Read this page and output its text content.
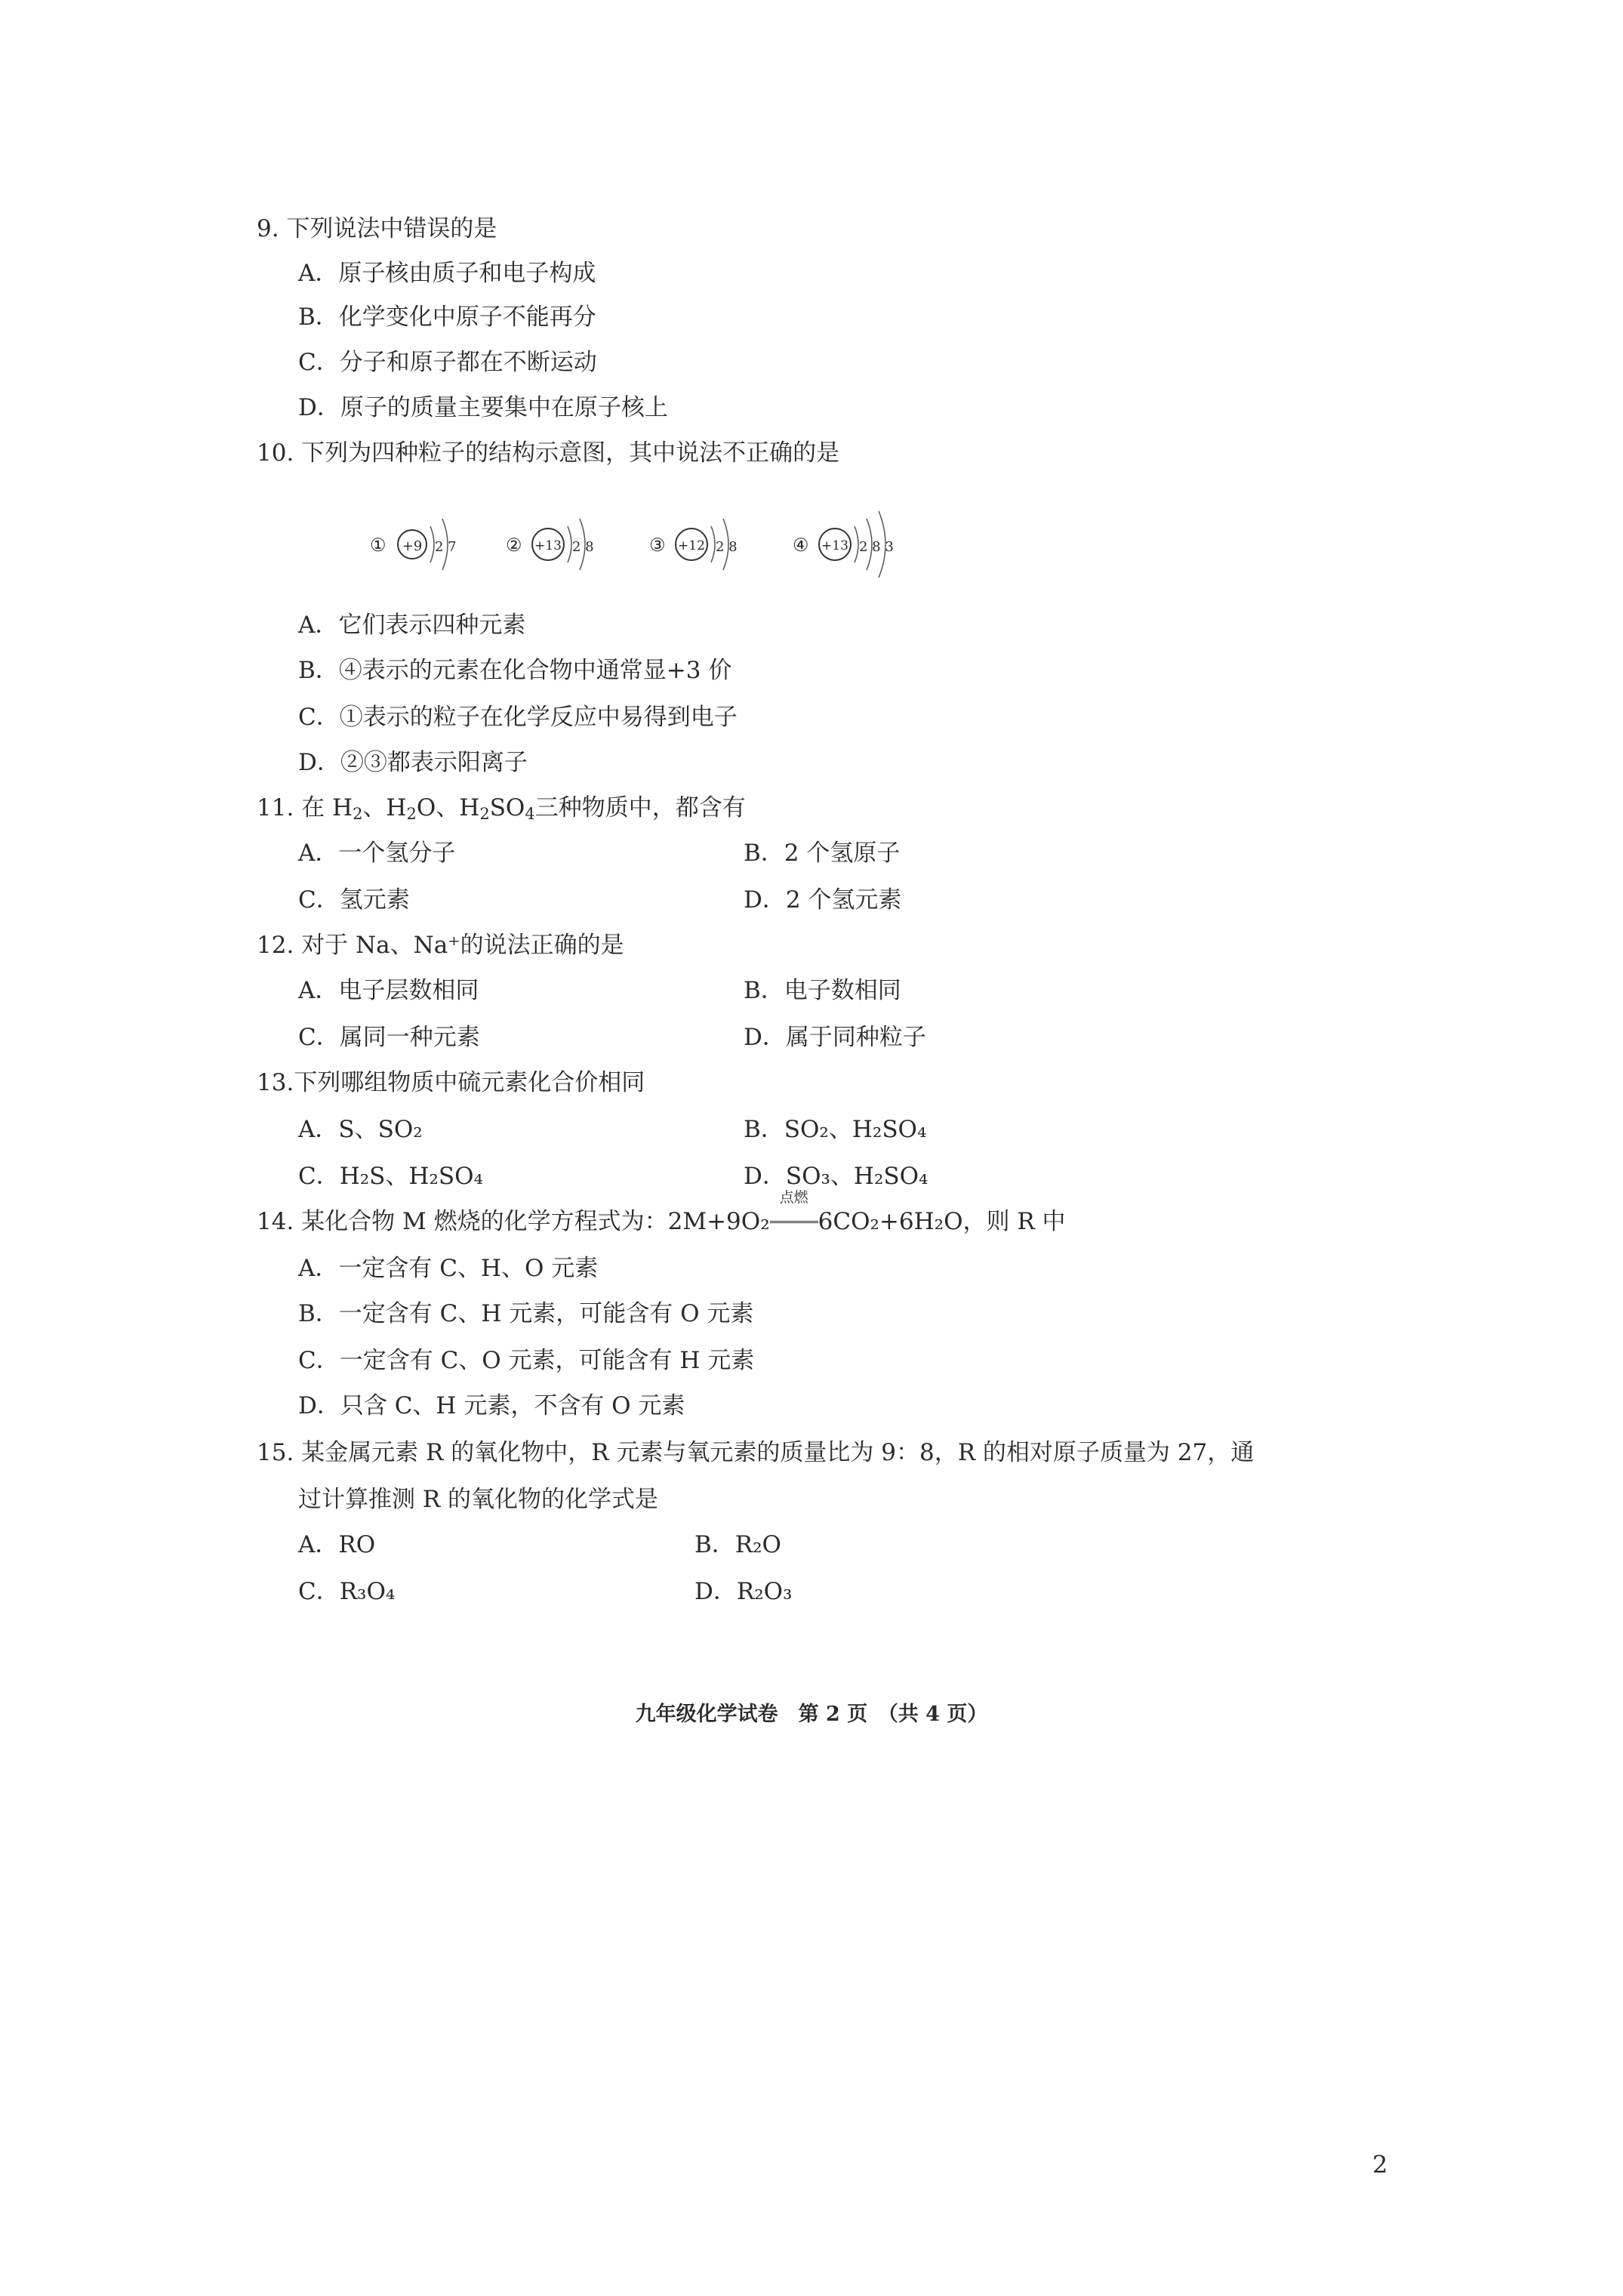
9. 下列说法中错误的是
A．原子核由质子和电子构成
B．化学变化中原子不能再分
C．分子和原子都在不断运动
D．原子的质量主要集中在原子核上
10. 下列为四种粒子的结构示意图，其中说法不正确的是
① +9 2 7	② +13 2 8	③ +12 2 8	④ +13 2 8 3
A．它们表示四种元素
B．④表示的元素在化合物中通常显+3 价
C．①表示的粒子在化学反应中易得到电子
D．②③都表示阳离子
11. 在 $H_2$、$H_2O$、$H_2SO_4$三种物质中，都含有
A．一个氢分子	B．2 个氢原子
C．氢元素	D．2 个氢元素
12. 对于 Na、Na⁺的说法正确的是
A．电子层数相同	B．电子数相同
C．属同一种元素	D．属于同种粒子
13.下列哪组物质中硫元素化合价相同
A．S、SO₂	B．SO₂、H₂SO₄
C．H₂S、H₂SO₄	D．SO₃、H₂SO₄
14. 某化合物 M 燃烧的化学方程式为：2M+9O₂
点燃
6CO₂+6H₂O，则 R 中
A．一定含有 C、H、O 元素
B．一定含有 C、H 元素，可能含有 O 元素
C．一定含有 C、O 元素，可能含有 H 元素
D．只含 C、H 元素，不含有 O 元素
15. 某金属元素 R 的氧化物中，R 元素与氧元素的质量比为 9：8，R 的相对原子质量为 27，通
过计算推测 R 的氧化物的化学式是
A．RO	B．R₂O
C．R₃O₄	D．R₂O₃
九年级化学试卷　第 2 页　（共 4 页）
2
